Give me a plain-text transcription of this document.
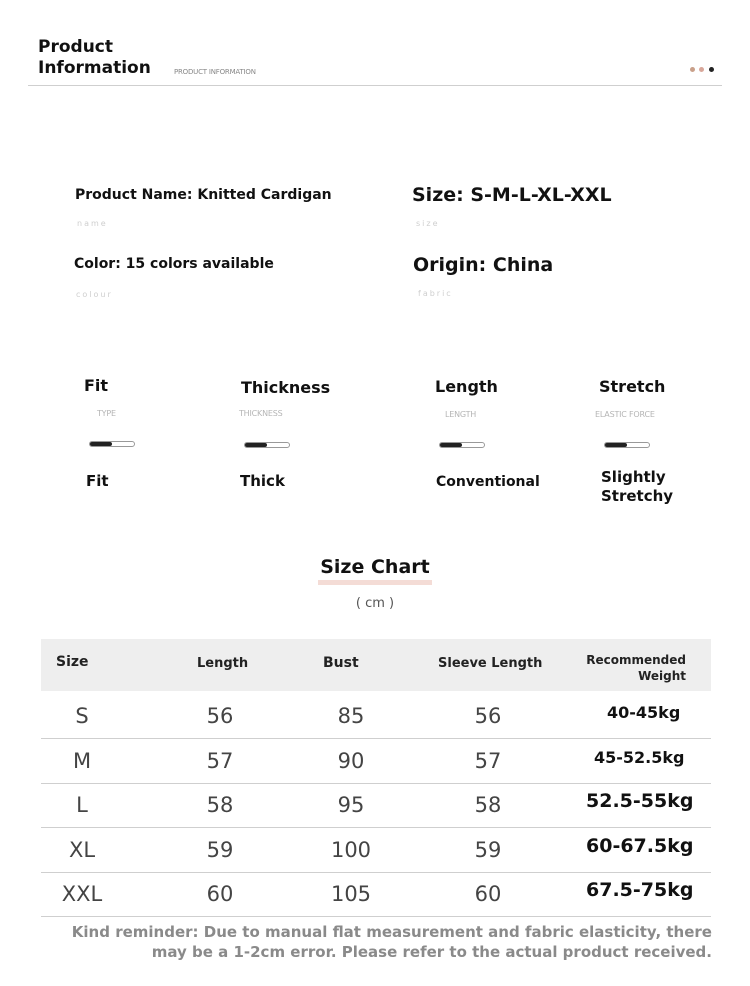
Product Information	PRODUCT INFORMATION
Product Name: Knitted Cardigan
name
Size: S-M-L-XL-XXL
size
Color: 15 colors available
colour
Origin: China
fabric
Fit
TYPE
Fit
Thickness
THICKNESS
Thick
Length
LENGTH
Conventional
Stretch
ELASTIC FORCE
Slightly Stretchy
Size Chart
( cm )
Size	Length	Bust	Sleeve Length	Recommended
Weight
S	56	85	56	40-45kg
M	57	90	57	45-52.5kg
L	58	95	58	52.5-55kg
XL	59	100	59	60-67.5kg
XXL	60	105	60	67.5-75kg
Kind reminder: Due to manual flat measurement and fabric elasticity, there may be a 1-2cm error. Please refer to the actual product received.
